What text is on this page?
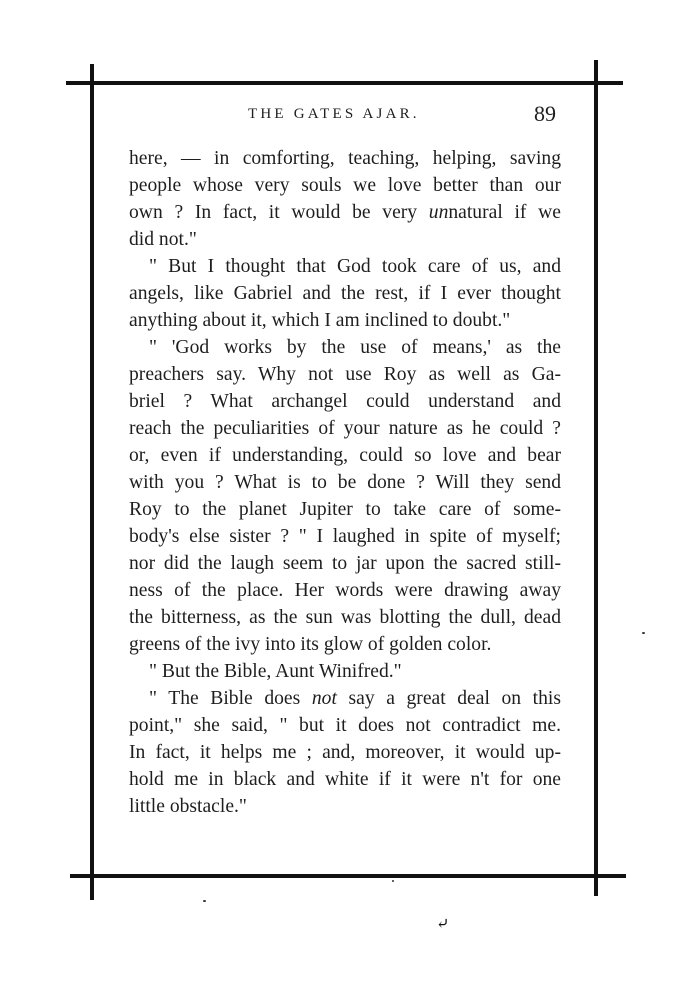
THE GATES AJAR.	89
here, — in comforting, teaching, helping, saving
people whose very souls we love better than our
own ? In fact, it would be very unnatural if we
did not."
" But I thought that God took care of us, and
angels, like Gabriel and the rest, if I ever thought
anything about it, which I am inclined to doubt."
" 'God works by the use of means,' as the
preachers say. Why not use Roy as well as Ga-
briel ? What archangel could understand and
reach the peculiarities of your nature as he could ?
or, even if understanding, could so love and bear
with you ? What is to be done ? Will they send
Roy to the planet Jupiter to take care of some-
body's else sister ? " I laughed in spite of myself;
nor did the laugh seem to jar upon the sacred still-
ness of the place. Her words were drawing away
the bitterness, as the sun was blotting the dull, dead
greens of the ivy into its glow of golden color.
" But the Bible, Aunt Winifred."
" The Bible does not say a great deal on this
point," she said, " but it does not contradict me.
In fact, it helps me ; and, moreover, it would up-
hold me in black and white if it were n't for one
little obstacle."
⤶
